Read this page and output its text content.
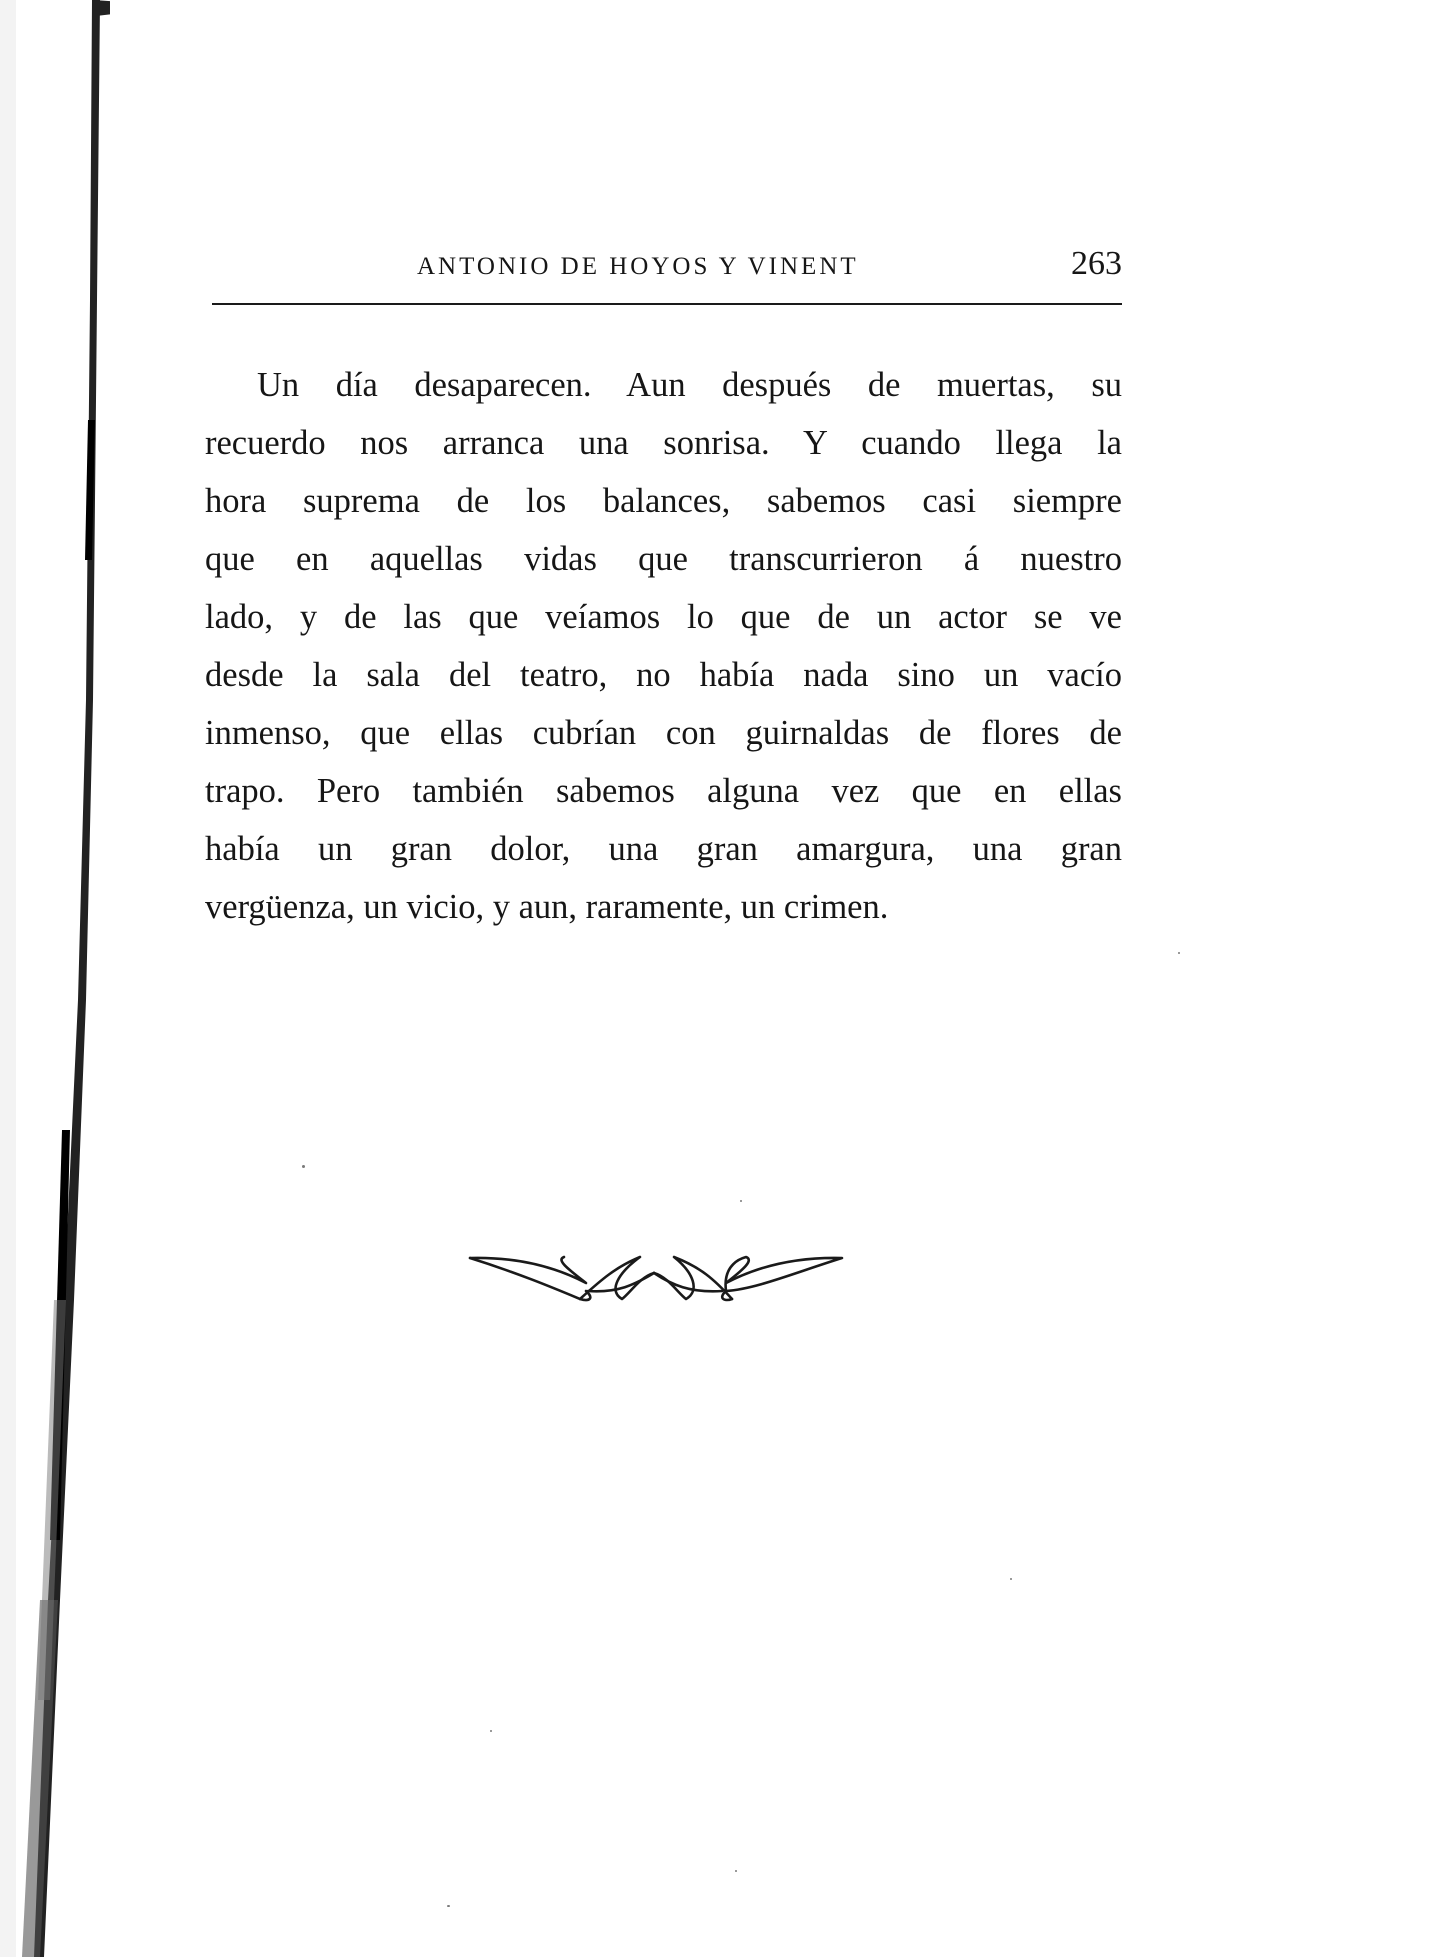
ANTONIO DE HOYOS Y VINENT	263
Un día desaparecen. Aun después de muertas, su
recuerdo nos arranca una sonrisa. Y cuando llega la
hora suprema de los balances, sabemos casi siempre
que en aquellas vidas que transcurrieron á nuestro
lado, y de las que veíamos lo que de un actor se ve
desde la sala del teatro, no había nada sino un vacío
inmenso, que ellas cubrían con guirnaldas de flores de
trapo. Pero también sabemos alguna vez que en ellas
había un gran dolor, una gran amargura, una gran
vergüenza, un vicio, y aun, raramente, un crimen.
